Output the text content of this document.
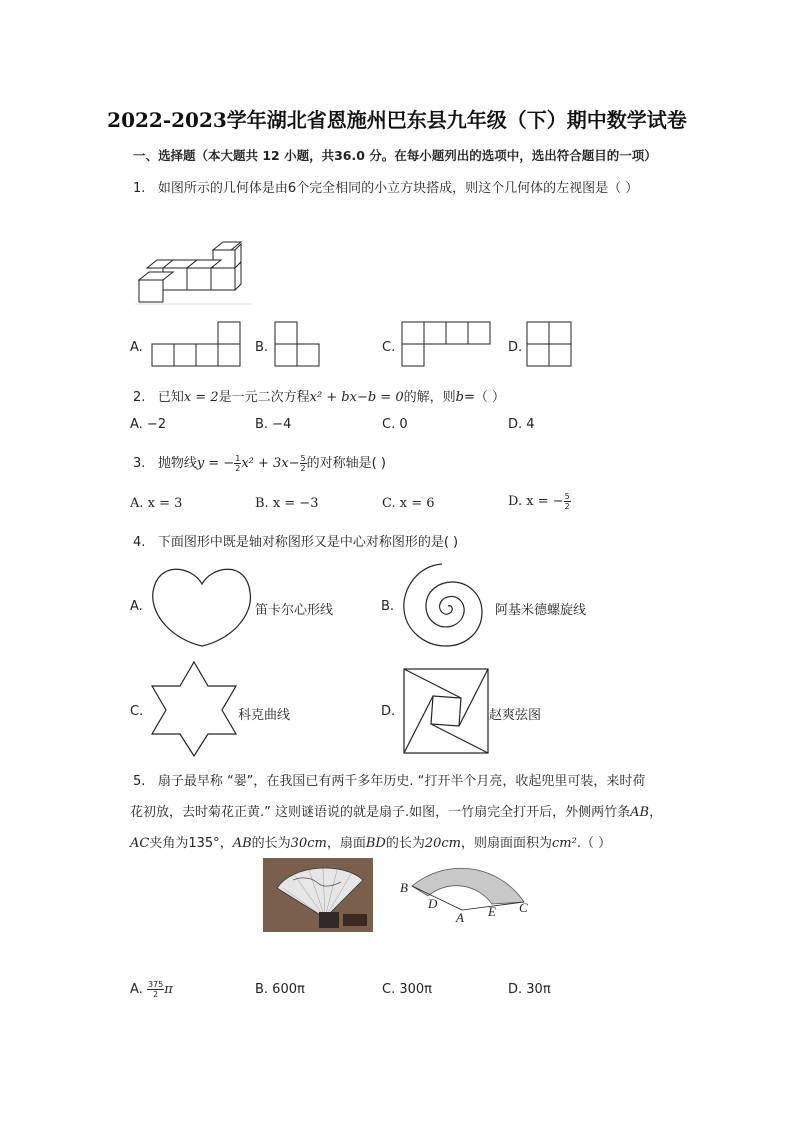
2022-2023学年湖北省恩施州巴东县九年级（下）期中数学试卷
一、选择题（本大题共 12 小题，共36.0 分。在每小题列出的选项中，选出符合题目的一项）
1. 如图所示的几何体是由6个完全相同的小立方块搭成，则这个几何体的左视图是（ ）
A.	B.	C.	D.
2. 已知x = 2是一元二次方程x² + bx−b = 0的解，则b=（ ）
A. −2	B. −4	C. 0	D. 4
3. 抛物线y = − $\frac{1}{2} x^2 + 3x- \frac{5}{2}$ 的对称轴是( )
A. x = 3	B. x = −3	C. x = 6	D. x = − $\frac{5}{2}$
4. 下面图形中既是轴对称图形又是中心对称图形的是( )
A.	笛卡尔心形线	B.	阿基米德螺旋线
C.	科克曲线	D.	赵爽弦图
5. 扇子最早称 “翣”，在我国已有两千多年历史. “打开半个月亮，收起兜里可装，来时荷
花初放，去时菊花正黄.” 这则谜语说的就是扇子.如图，一竹扇完全打开后，外侧两竹条AB，
AC夹角为135°，AB的长为30cm，扇面BD的长为20cm，则扇面面积为cm².（ ）
B
D
A E C
A. $\frac{375}{2}$ π	B. 600π	C. 300π	D. 30π
